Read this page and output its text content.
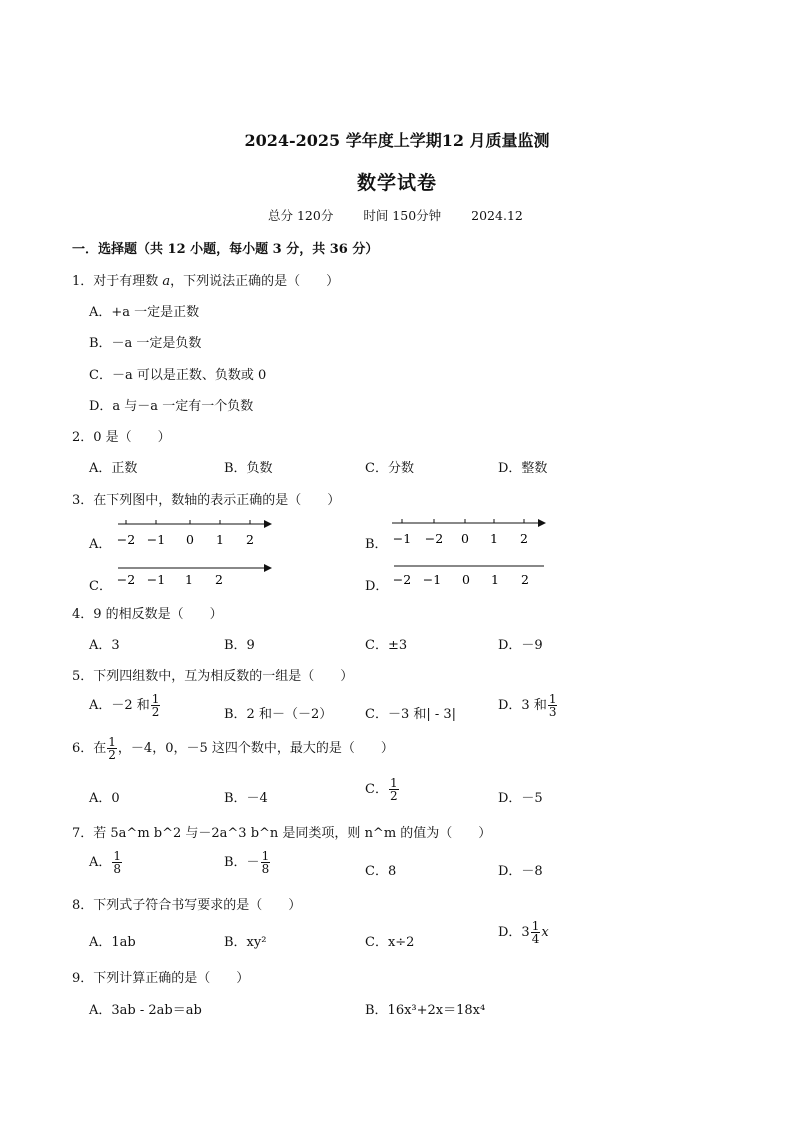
2024-2025 学年度上学期12 月质量监测
数学试卷
总分 120分 时间 150分钟 2024.12
一．选择题（共 12 小题，每小题 3 分，共 36 分）
1．对于有理数 a，下列说法正确的是（　　）
A．+a 一定是正数
B．－a 一定是负数
C．－a 可以是正数、负数或 0
D．a 与－a 一定有一个负数
2．0 是（　　）
A．正数	B．负数	C．分数	D．整数
3．在下列图中，数轴的表示正确的是（　　）
A． −2 −1 0 1 2	B． −1 −2 0 1 2
C． −2 −1 1 2	D． −2 −1 0 1 2
4．9 的相反数是（　　）
A．3	B．9	C．±3	D．－9
5．下列四组数中，互为相反数的一组是（　　）
A．－2 和 $\frac{1}{2}$	B．2 和－（－2）	C．－3 和| - 3|
D．3 和 $\frac{1}{3}$
6．在 $\frac{1}{2}$ ，－4，0，－5 这四个数中，最大的是（　　）
A．0	B．－4
C． $\frac{1}{2}$	D．－5
7．若 5a^m b^2 与－2a^3 b^n 是同类项，则 n^m 的值为（　　）
A． $\frac{1}{8}$	B．－ $\frac{1}{8}$	C．8	D．－8
8．下列式子符合书写要求的是（　　）
A．1ab	B．xy²	C．x÷2
D．$3 \frac{1}{4}$ x
9．下列计算正确的是（　　）
A．3ab - 2ab＝ab	B．16x³+2x＝18x⁴
